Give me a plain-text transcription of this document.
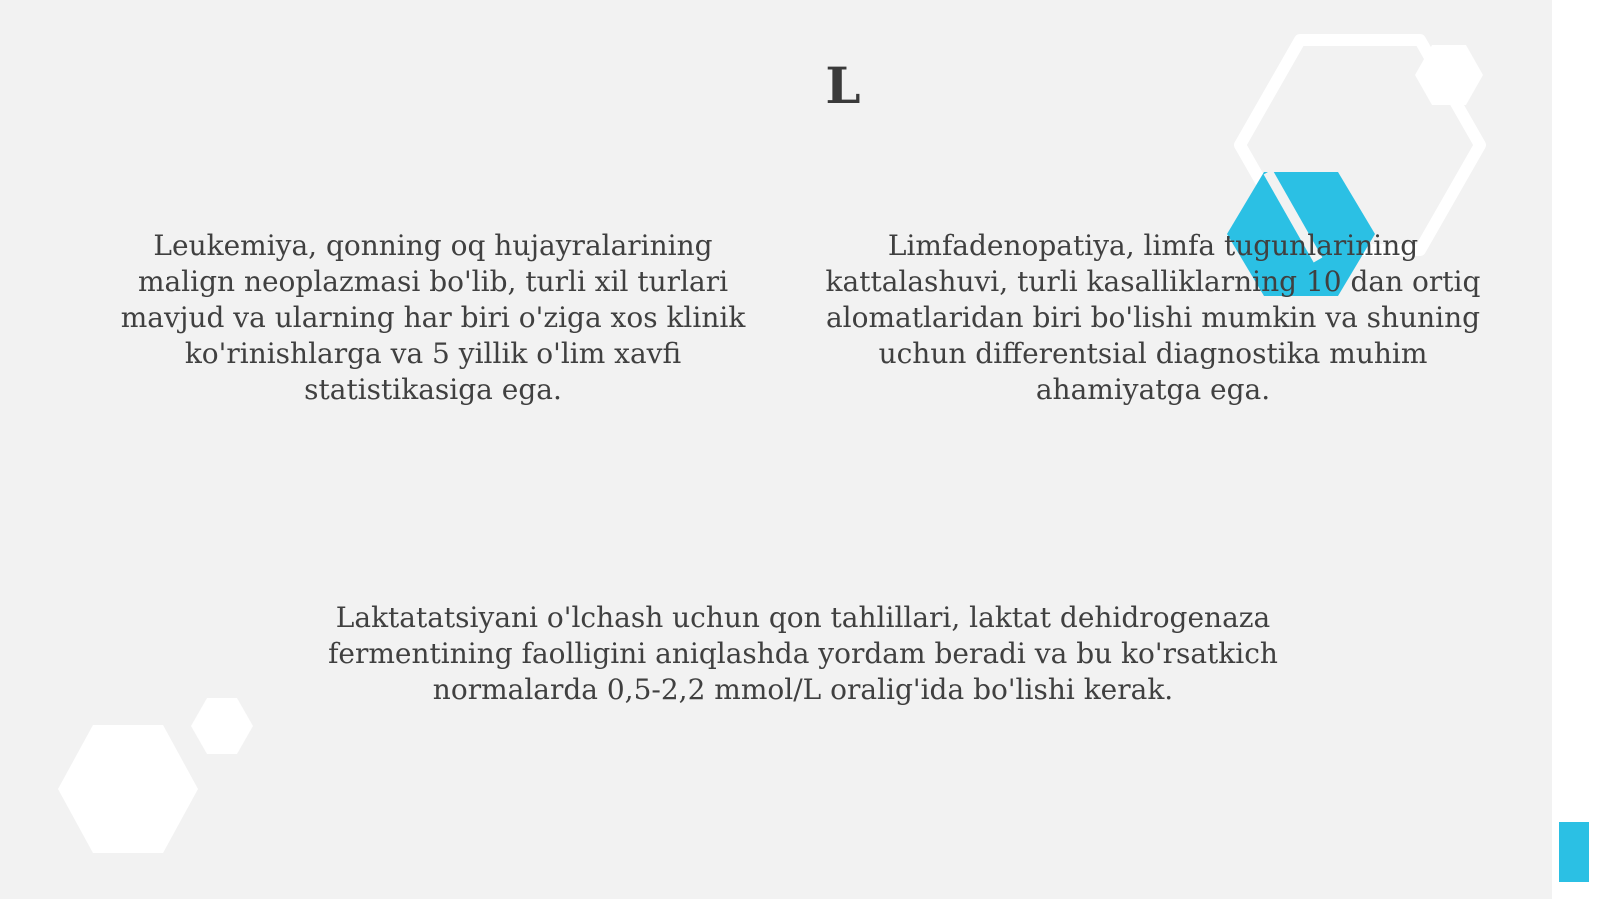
L

Leukemiya, qonning oq hujayralarining malign neoplazmasi bo'lib, turli xil turlari mavjud va ularning har biri o'ziga xos klinik ko'rinishlarga va 5 yillik o'lim xavfi statistikasiga ega.

Limfadenopatiya, limfa tugunlarining kattalashuvi, turli kasalliklarning 10 dan ortiq alomatlaridan biri bo'lishi mumkin va shuning uchun differentsial diagnostika muhim ahamiyatga ega.

Laktatatsiyani o'lchash uchun qon tahlillari, laktat dehidrogenaza fermentining faolligini aniqlashda yordam beradi va bu ko'rsatkich normalarda 0,5-2,2 mmol/L oralig'ida bo'lishi kerak.
